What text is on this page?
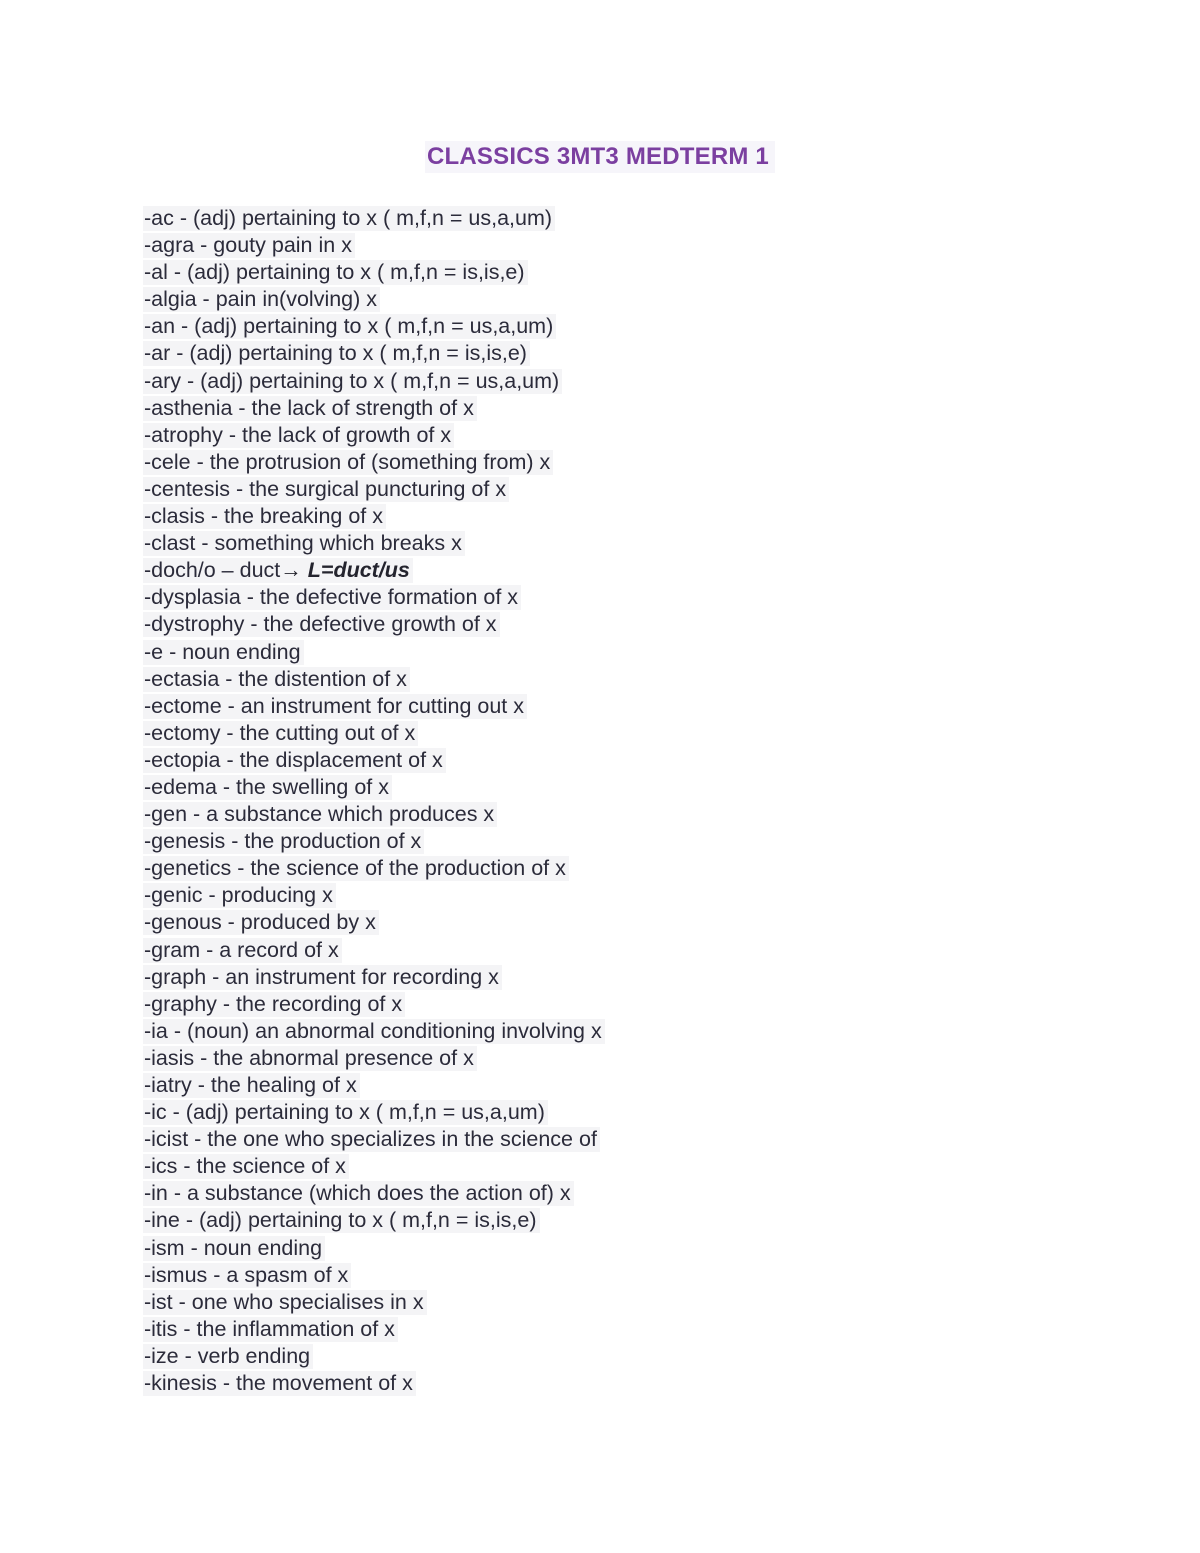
CLASSICS 3MT3 MEDTERM 1
-ac - (adj) pertaining to x ( m,f,n = us,a,um)
-agra - gouty pain in x
-al - (adj) pertaining to x ( m,f,n = is,is,e)
-algia - pain in(volving) x
-an - (adj) pertaining to x ( m,f,n = us,a,um)
-ar - (adj) pertaining to x ( m,f,n = is,is,e)
-ary - (adj) pertaining to x ( m,f,n = us,a,um)
-asthenia - the lack of strength of x
-atrophy - the lack of growth of x
-cele - the protrusion of (something from) x
-centesis - the surgical puncturing of x
-clasis - the breaking of x
-clast - something which breaks x
-doch/o – duct→ L=duct/us
-dysplasia - the defective formation of x
-dystrophy - the defective growth of x
-e - noun ending
-ectasia - the distention of x
-ectome - an instrument for cutting out x
-ectomy - the cutting out of x
-ectopia - the displacement of x
-edema - the swelling of x
-gen - a substance which produces x
-genesis - the production of x
-genetics - the science of the production of x
-genic - producing x
-genous - produced by x
-gram - a record of x
-graph - an instrument for recording x
-graphy - the recording of x
-ia - (noun) an abnormal conditioning involving x
-iasis - the abnormal presence of x
-iatry - the healing of x
-ic - (adj) pertaining to x ( m,f,n = us,a,um)
-icist - the one who specializes in the science of
-ics - the science of x
-in - a substance (which does the action of) x
-ine - (adj) pertaining to x ( m,f,n = is,is,e)
-ism - noun ending
-ismus - a spasm of x
-ist - one who specialises in x
-itis - the inflammation of x
-ize - verb ending
-kinesis - the movement of x
